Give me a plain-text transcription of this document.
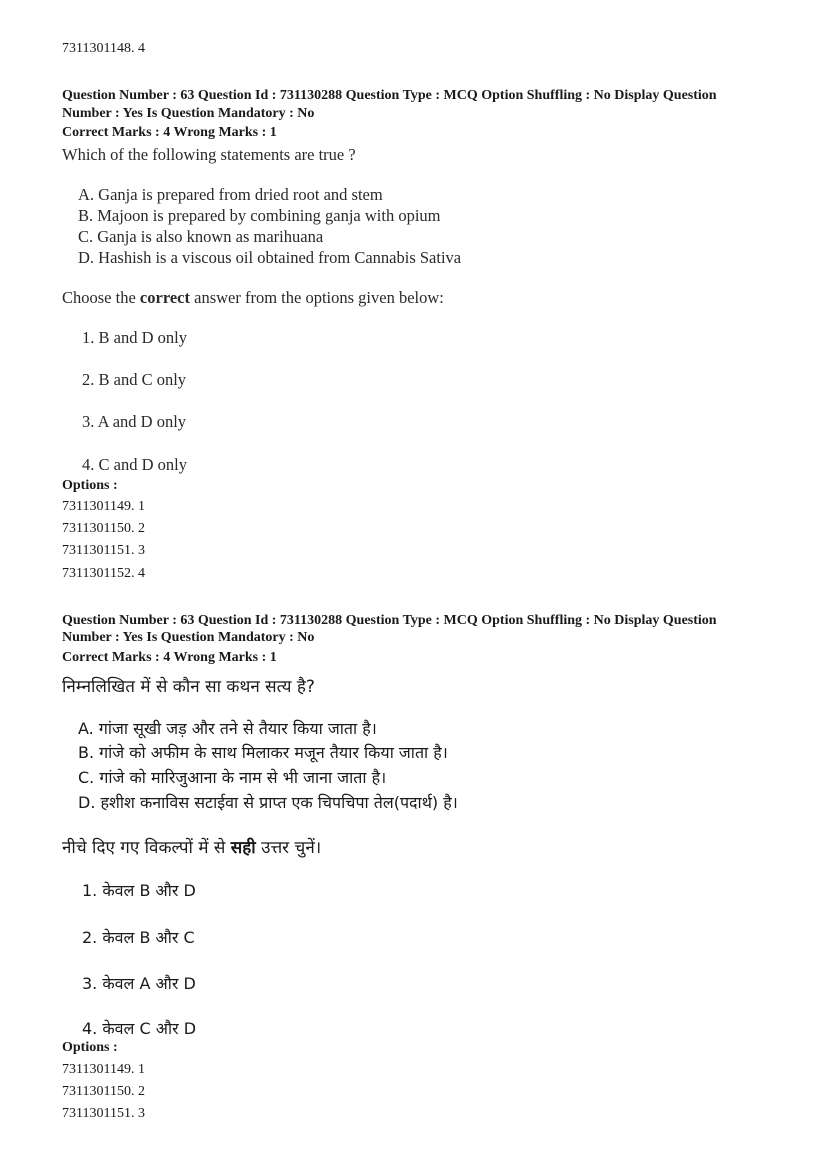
7311301148. 4
Question Number : 63 Question Id : 731130288 Question Type : MCQ Option Shuffling : No Display Question
Number : Yes Is Question Mandatory : No
Correct Marks : 4 Wrong Marks : 1
Which of the following statements are true ?
A. Ganja is prepared from dried root and stem
B. Majoon is prepared by combining ganja with opium
C. Ganja is also known as marihuana
D. Hashish is a viscous oil obtained from Cannabis Sativa
Choose the correct answer from the options given below:
1. B and D only
2. B and C only
3. A and D only
4. C and D only
Options :
7311301149. 1
7311301150. 2
7311301151. 3
7311301152. 4
Question Number : 63 Question Id : 731130288 Question Type : MCQ Option Shuffling : No Display Question
Number : Yes Is Question Mandatory : No
Correct Marks : 4 Wrong Marks : 1
निम्नलिखित में से कौन सा कथन सत्य है?
A. गांजा सूखी जड़ और तने से तैयार किया जाता है।
B. गांजे को अफीम के साथ मिलाकर मजून तैयार किया जाता है।
C. गांजे को मारिजुआना के नाम से भी जाना जाता है।
D. हशीश कनाविस सटाईवा से प्राप्त एक चिपचिपा तेल(पदार्थ) है।
नीचे दिए गए विकल्पों में से सही उत्तर चुनें।
1. केवल B और D
2. केवल B और C
3. केवल A और D
4. केवल C और D
Options :
7311301149. 1
7311301150. 2
7311301151. 3
